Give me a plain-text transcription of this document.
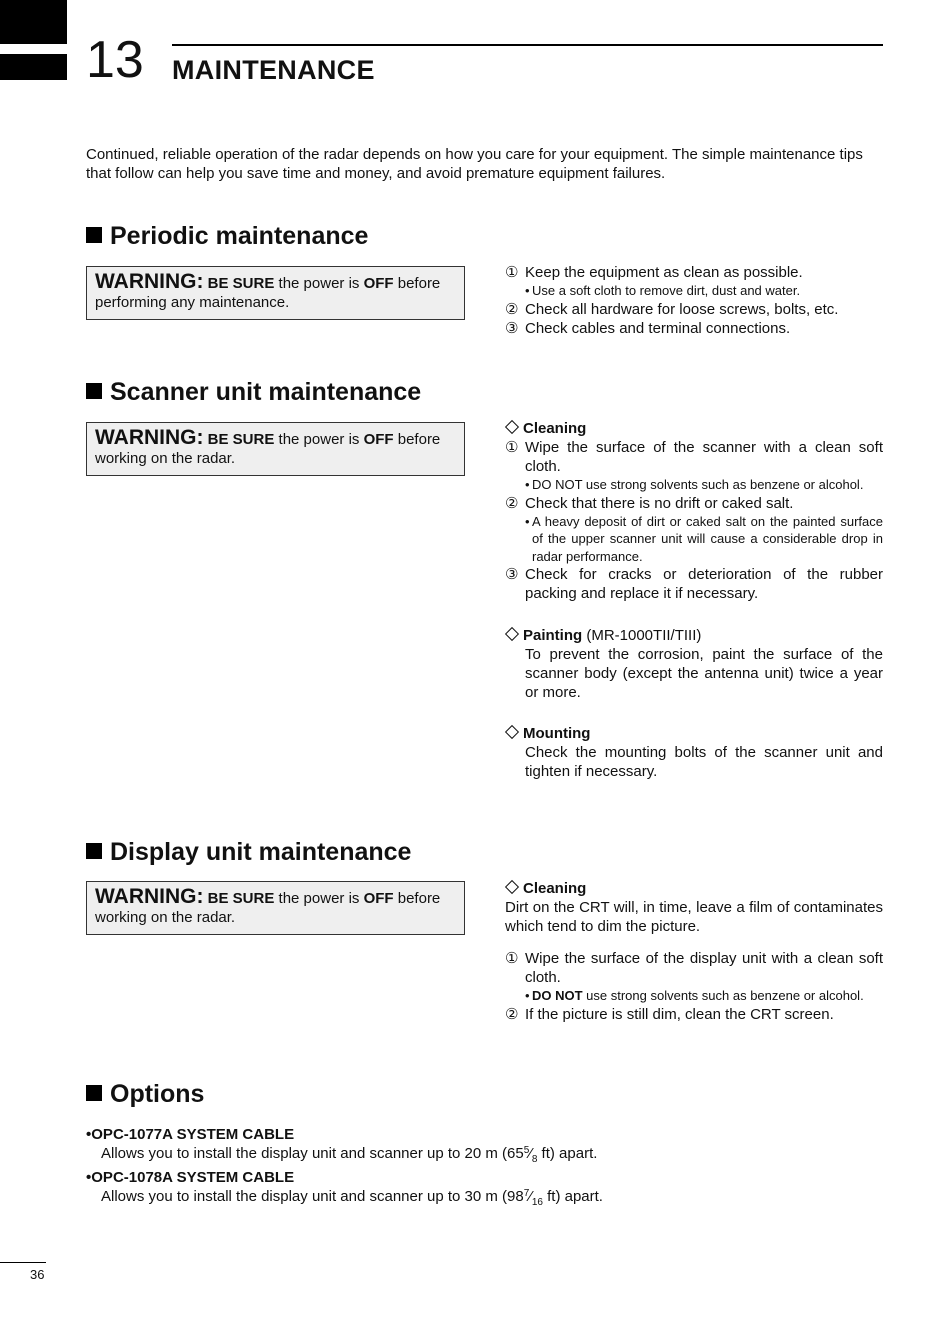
13 MAINTENANCE
Continued, reliable operation of the radar depends on how you care for your equipment. The simple maintenance tips that follow can help you save time and money, and avoid premature equipment failures.
Periodic maintenance
WARNING: BE SURE the power is OFF before performing any maintenance.
① Keep the equipment as clean as possible.
• Use a soft cloth to remove dirt, dust and water.
② Check all hardware for loose screws, bolts, etc.
③ Check cables and terminal connections.
Scanner unit maintenance
WARNING: BE SURE the power is OFF before working on the radar.
Cleaning
① Wipe the surface of the scanner with a clean soft cloth.
• DO NOT use strong solvents such as benzene or alcohol.
② Check that there is no drift or caked salt.
• A heavy deposit of dirt or caked salt on the painted surface of the upper scanner unit will cause a considerable drop in radar performance.
③ Check for cracks or deterioration of the rubber packing and replace it if necessary.
Painting (MR-1000TII/TIII)
To prevent the corrosion, paint the surface of the scanner body (except the antenna unit) twice a year or more.
Mounting
Check the mounting bolts of the scanner unit and tighten if necessary.
Display unit maintenance
WARNING: BE SURE the power is OFF before working on the radar.
Cleaning
Dirt on the CRT will, in time, leave a film of contaminates which tend to dim the picture.
① Wipe the surface of the display unit with a clean soft cloth.
• DO NOT use strong solvents such as benzene or alcohol.
② If the picture is still dim, clean the CRT screen.
Options
•OPC-1077A SYSTEM CABLE
Allows you to install the display unit and scanner up to 20 m ($65^5⁄_8$ ft) apart.
•OPC-1078A SYSTEM CABLE
Allows you to install the display unit and scanner up to 30 m ($98^7⁄_{16}$ ft) apart.
36
